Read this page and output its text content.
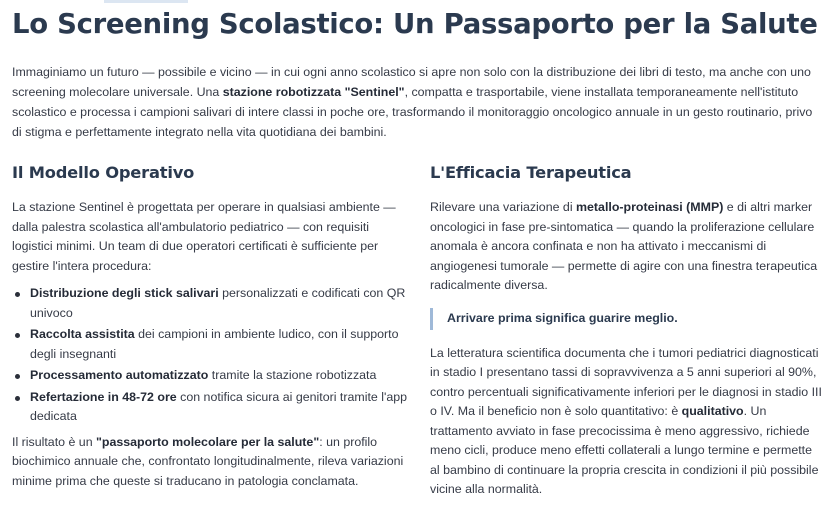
Lo Screening Scolastico: Un Passaporto per la Salute

Immaginiamo un futuro — possibile e vicino — in cui ogni anno scolastico si apre non solo con la distribuzione dei libri di testo, ma anche con uno screening molecolare universale. Una stazione robotizzata "Sentinel", compatta e trasportabile, viene installata temporaneamente nell'istituto scolastico e processa i campioni salivari di intere classi in poche ore, trasformando il monitoraggio oncologico annuale in un gesto routinario, privo di stigma e perfettamente integrato nella vita quotidiana dei bambini.

Il Modello Operativo

La stazione Sentinel è progettata per operare in qualsiasi ambiente — dalla palestra scolastica all'ambulatorio pediatrico — con requisiti logistici minimi. Un team di due operatori certificati è sufficiente per gestire l'intera procedura:

Distribuzione degli stick salivari personalizzati e codificati con QR univoco
Raccolta assistita dei campioni in ambiente ludico, con il supporto degli insegnanti
Processamento automatizzato tramite la stazione robotizzata
Refertazione in 48-72 ore con notifica sicura ai genitori tramite l'app dedicata

Il risultato è un "passaporto molecolare per la salute": un profilo biochimico annuale che, confrontato longitudinalmente, rileva variazioni minime prima che queste si traducano in patologia conclamata.

L'Efficacia Terapeutica

Rilevare una variazione di metallo-proteinasi (MMP) e di altri marker oncologici in fase pre-sintomatica — quando la proliferazione cellulare anomala è ancora confinata e non ha attivato i meccanismi di angiogenesi tumorale — permette di agire con una finestra terapeutica radicalmente diversa.

Arrivare prima significa guarire meglio.

La letteratura scientifica documenta che i tumori pediatrici diagnosticati in stadio I presentano tassi di sopravvivenza a 5 anni superiori al 90%, contro percentuali significativamente inferiori per le diagnosi in stadio III o IV. Ma il beneficio non è solo quantitativo: è qualitativo. Un trattamento avviato in fase precocissima è meno aggressivo, richiede meno cicli, produce meno effetti collaterali a lungo termine e permette al bambino di continuare la propria crescita in condizioni il più possibile vicine alla normalità.
